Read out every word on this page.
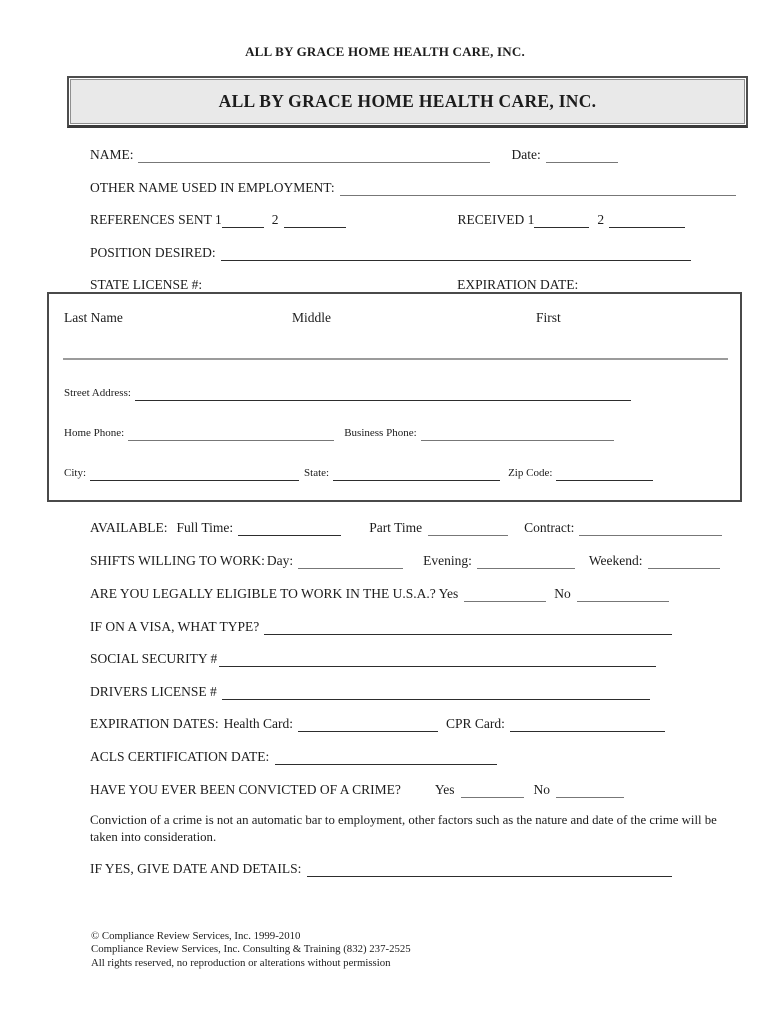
ALL BY GRACE HOME HEALTH CARE, INC.
ALL BY GRACE HOME HEALTH CARE, INC.
NAME:	Date:
OTHER NAME USED IN EMPLOYMENT:
REFERENCES SENT 1	2	RECEIVED 1	2
POSITION DESIRED:
STATE LICENSE #:	EXPIRATION DATE:
Last Name	Middle	First
Street Address:
Home Phone:	Business Phone:
City:	State:	Zip Code:
AVAILABLE: Full Time:	Part Time	Contract:
SHIFTS WILLING TO WORK: Day:	Evening:	Weekend:
ARE YOU LEGALLY ELIGIBLE TO WORK IN THE U.S.A.? Yes	No
IF ON A VISA, WHAT TYPE?
SOCIAL SECURITY #
DRIVERS LICENSE #
EXPIRATION DATES: Health Card:	CPR Card:
ACLS CERTIFICATION DATE:
HAVE YOU EVER BEEN CONVICTED OF A CRIME?	Yes	No
Conviction of a crime is not an automatic bar to employment, other factors such as the nature and date of the crime will be taken into consideration.
IF YES, GIVE DATE AND DETAILS:
© Compliance Review Services, Inc. 1999-2010
Compliance Review Services, Inc. Consulting & Training (832) 237-2525
All rights reserved, no reproduction or alterations without permission
